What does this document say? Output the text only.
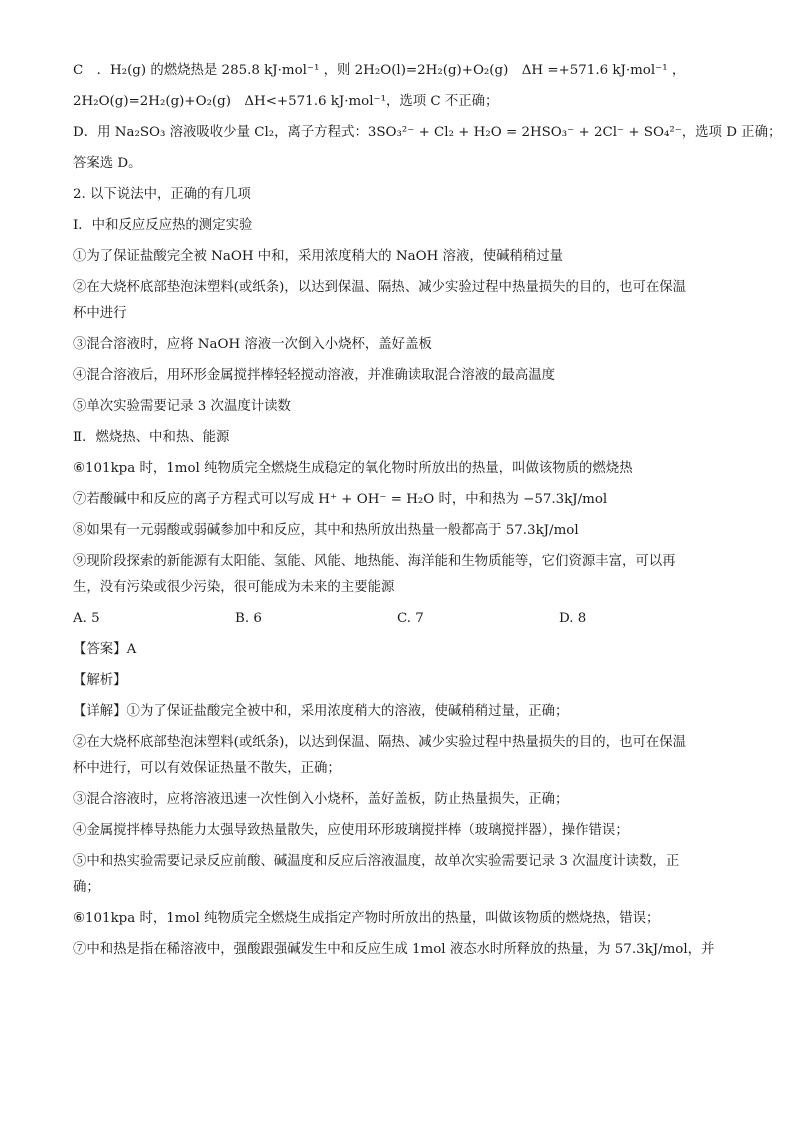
C　．H₂(g) 的燃烧热是 285.8 kJ·mol⁻¹ ，则 2H₂O(l)=2H₂(g)+O₂(g)　ΔH =+571.6 kJ·mol⁻¹ ，
2H₂O(g)=2H₂(g)+O₂(g)　ΔH<+571.6 kJ·mol⁻¹，选项 C 不正确；
D．用 Na₂SO₃ 溶液吸收少量 Cl₂，离子方程式：3SO₃²⁻ + Cl₂ + H₂O = 2HSO₃⁻ + 2Cl⁻ + SO₄²⁻，选项 D 正确；
答案选 D。
2. 以下说法中，正确的有几项
Ⅰ．中和反应反应热的测定实验
①为了保证盐酸完全被 NaOH 中和，采用浓度稍大的 NaOH 溶液，使碱稍稍过量
②在大烧杯底部垫泡沫塑料(或纸条)，以达到保温、隔热、减少实验过程中热量损失的目的，也可在保温
杯中进行
③混合溶液时，应将 NaOH 溶液一次倒入小烧杯，盖好盖板
④混合溶液后，用环形金属搅拌棒轻轻搅动溶液，并准确读取混合溶液的最高温度
⑤单次实验需要记录 3 次温度计读数
Ⅱ．燃烧热、中和热、能源
⑥101kpa 时，1mol 纯物质完全燃烧生成稳定的氧化物时所放出的热量，叫做该物质的燃烧热
⑦若酸碱中和反应的离子方程式可以写成 H⁺ + OH⁻ = H₂O 时，中和热为 −57.3kJ/mol
⑧如果有一元弱酸或弱碱参加中和反应，其中和热所放出热量一般都高于 57.3kJ/mol
⑨现阶段探索的新能源有太阳能、氢能、风能、地热能、海洋能和生物质能等，它们资源丰富，可以再
生，没有污染或很少污染，很可能成为未来的主要能源
A. 5	B. 6	C. 7	D. 8
【答案】A
【解析】
【详解】①为了保证盐酸完全被中和，采用浓度稍大的溶液，使碱稍稍过量，正确；
②在大烧杯底部垫泡沫塑料(或纸条)，以达到保温、隔热、减少实验过程中热量损失的目的，也可在保温
杯中进行，可以有效保证热量不散失，正确；
③混合溶液时，应将溶液迅速一次性倒入小烧杯，盖好盖板，防止热量损失，正确；
④金属搅拌棒导热能力太强导致热量散失，应使用环形玻璃搅拌棒（玻璃搅拌器），操作错误；
⑤中和热实验需要记录反应前酸、碱温度和反应后溶液温度，故单次实验需要记录 3 次温度计读数，正
确；
⑥101kpa 时，1mol 纯物质完全燃烧生成指定产物时所放出的热量，叫做该物质的燃烧热，错误；
⑦中和热是指在稀溶液中，强酸跟强碱发生中和反应生成 1mol 液态水时所释放的热量，为 57.3kJ/mol，并
